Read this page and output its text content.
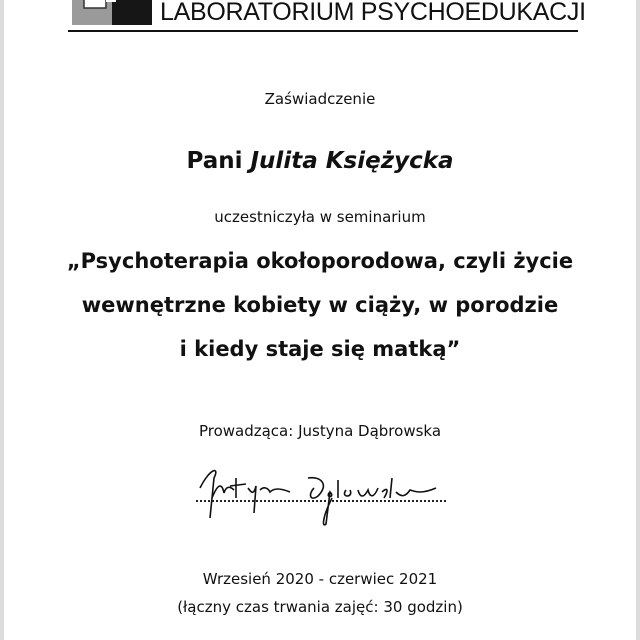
LABORATORIUM PSYCHOEDUKACJI
Zaświadczenie
Pani Julita Księżycka
uczestniczyła w seminarium
„Psychoterapia okołoporodowa, czyli życie
wewnętrzne kobiety w ciąży, w porodzie
i kiedy staje się matką”
Prowadząca: Justyna Dąbrowska
Wrzesień 2020 - czerwiec 2021
(łączny czas trwania zajęć: 30 godzin)
